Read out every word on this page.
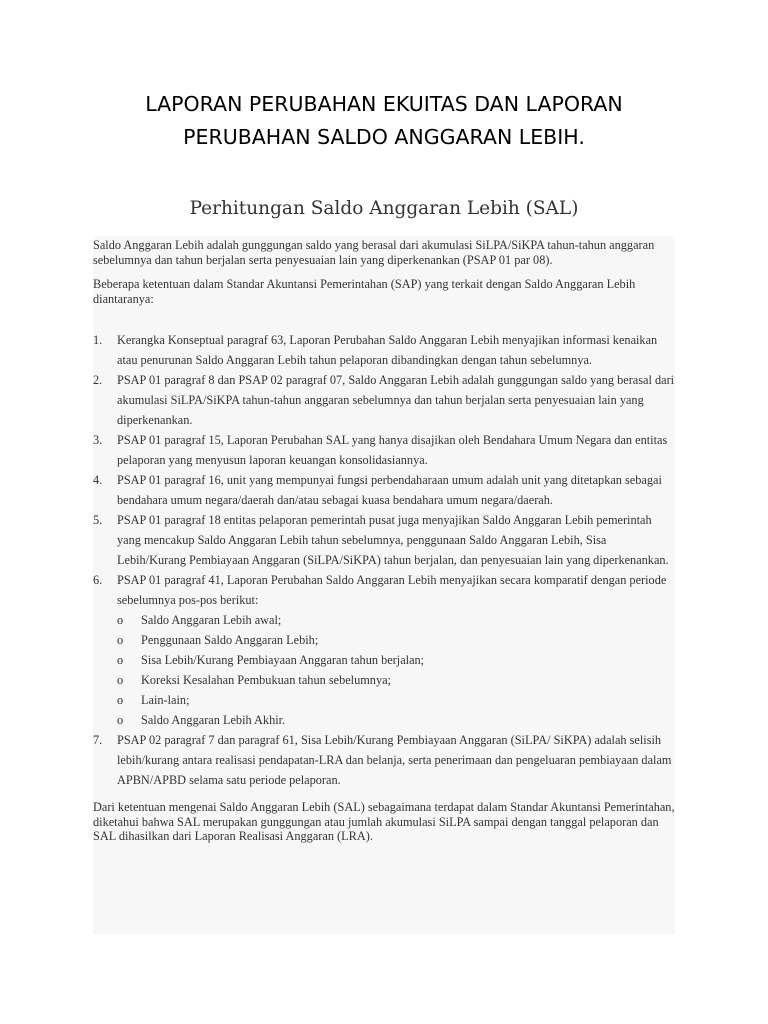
LAPORAN PERUBAHAN EKUITAS DAN LAPORAN
PERUBAHAN SALDO ANGGARAN LEBIH.
Perhitungan Saldo Anggaran Lebih (SAL)

Saldo Anggaran Lebih adalah gunggungan saldo yang berasal dari akumulasi SiLPA/SiKPA tahun-tahun anggaran sebelumnya dan tahun berjalan serta penyesuaian lain yang diperkenankan (PSAP 01 par 08).

Beberapa ketentuan dalam Standar Akuntansi Pemerintahan (SAP) yang terkait dengan Saldo Anggaran Lebih diantaranya:

1. Kerangka Konseptual paragraf 63, Laporan Perubahan Saldo Anggaran Lebih menyajikan informasi kenaikan atau penurunan Saldo Anggaran Lebih tahun pelaporan dibandingkan dengan tahun sebelumnya.
2. PSAP 01 paragraf 8 dan PSAP 02 paragraf 07, Saldo Anggaran Lebih adalah gunggungan saldo yang berasal dari akumulasi SiLPA/SiKPA tahun-tahun anggaran sebelumnya dan tahun berjalan serta penyesuaian lain yang diperkenankan.
3. PSAP 01 paragraf 15, Laporan Perubahan SAL yang hanya disajikan oleh Bendahara Umum Negara dan entitas pelaporan yang menyusun laporan keuangan konsolidasiannya.
4. PSAP 01 paragraf 16, unit yang mempunyai fungsi perbendaharaan umum adalah unit yang ditetapkan sebagai bendahara umum negara/daerah dan/atau sebagai kuasa bendahara umum negara/daerah.
5. PSAP 01 paragraf 18 entitas pelaporan pemerintah pusat juga menyajikan Saldo Anggaran Lebih pemerintah yang mencakup Saldo Anggaran Lebih tahun sebelumnya, penggunaan Saldo Anggaran Lebih, Sisa Lebih/Kurang Pembiayaan Anggaran (SiLPA/SiKPA) tahun berjalan, dan penyesuaian lain yang diperkenankan.
6. PSAP 01 paragraf 41, Laporan Perubahan Saldo Anggaran Lebih menyajikan secara komparatif dengan periode sebelumnya pos-pos berikut:
o Saldo Anggaran Lebih awal;
o Penggunaan Saldo Anggaran Lebih;
o Sisa Lebih/Kurang Pembiayaan Anggaran tahun berjalan;
o Koreksi Kesalahan Pembukuan tahun sebelumnya;
o Lain-lain;
o Saldo Anggaran Lebih Akhir.
7. PSAP 02 paragraf 7 dan paragraf 61, Sisa Lebih/Kurang Pembiayaan Anggaran (SiLPA/ SiKPA) adalah selisih lebih/kurang antara realisasi pendapatan-LRA dan belanja, serta penerimaan dan pengeluaran pembiayaan dalam APBN/APBD selama satu periode pelaporan.

Dari ketentuan mengenai Saldo Anggaran Lebih (SAL) sebagaimana terdapat dalam Standar Akuntansi Pemerintahan, diketahui bahwa SAL merupakan gunggungan atau jumlah akumulasi SiLPA sampai dengan tanggal pelaporan dan SAL dihasilkan dari Laporan Realisasi Anggaran (LRA).
